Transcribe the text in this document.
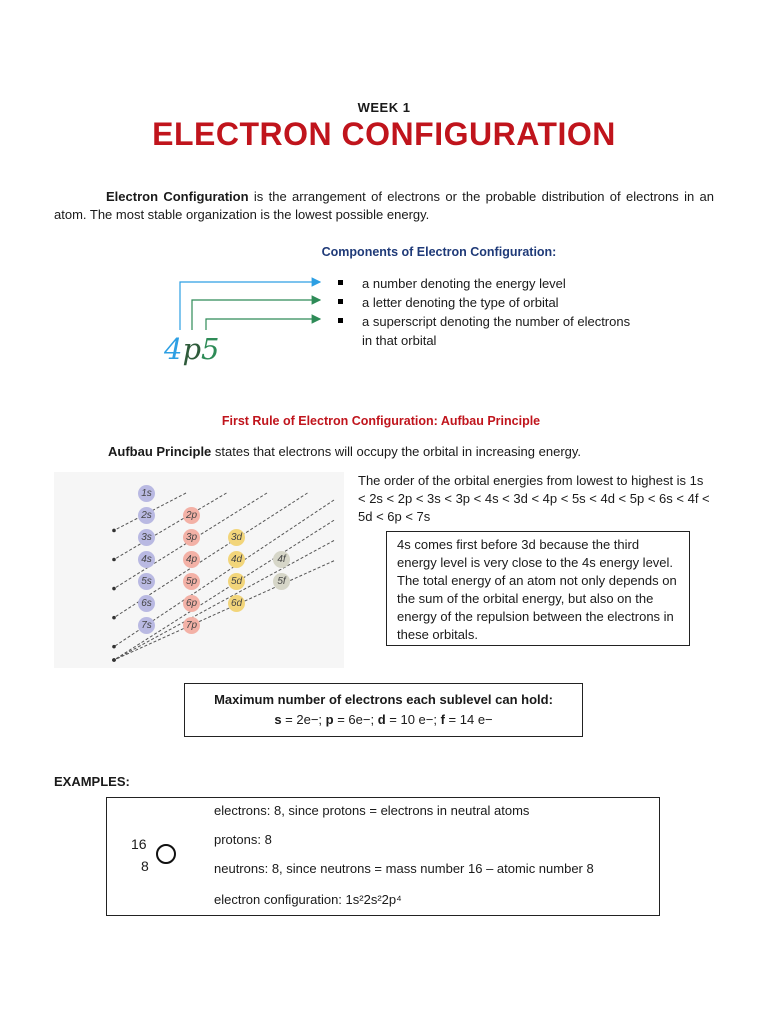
WEEK 1
ELECTRON CONFIGURATION
Electron Configuration is the arrangement of electrons or the probable distribution of electrons in an atom. The most stable organization is the lowest possible energy.
Components of Electron Configuration:
4p5
a number denoting the energy level
a letter denoting the type of orbital
a superscript denoting the number of electrons in that orbital
First Rule of Electron Configuration: Aufbau Principle
Aufbau Principle states that electrons will occupy the orbital in increasing energy.
1s
2s	2p
3s	3p	3d
4s	4p	4d	4f
5s	5p	5d	5f
6s	6p	6d
7s	7p
The order of the orbital energies from lowest to highest is 1s < 2s < 2p < 3s < 3p < 4s < 3d < 4p < 5s < 4d < 5p < 6s < 4f < 5d < 6p < 7s
4s comes first before 3d because the third energy level is very close to the 4s energy level. The total energy of an atom not only depends on the sum of the orbital energy, but also on the energy of the repulsion between the electrons in these orbitals.
Maximum number of electrons each sublevel can hold:
s = 2e−; p = 6e−; d = 10 e−; f = 14 e−
EXAMPLES:
16
8
electrons: 8, since protons = electrons in neutral atoms
protons: 8
neutrons: 8, since neutrons = mass number 16 – atomic number 8
electron configuration: 1s²2s²2p⁴
